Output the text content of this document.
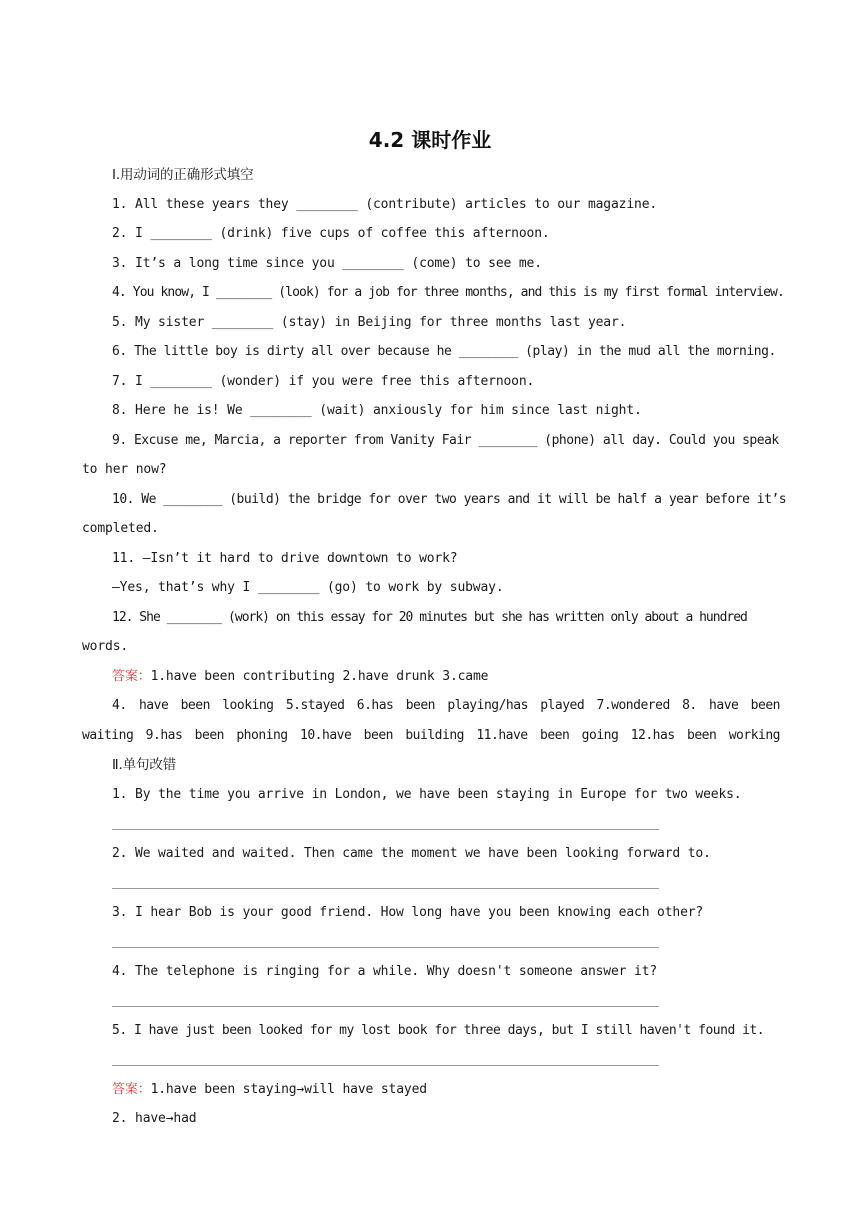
4.2 课时作业
Ⅰ.用动词的正确形式填空
1. All these years they ________ (contribute) articles to our magazine.
2. I ________ (drink) five cups of coffee this afternoon.
3. It’s a long time since you ________ (come) to see me.
4. You know, I ________ (look) for a job for three months, and this is my first formal interview.
5. My sister ________ (stay) in Beijing for three months last year.
6. The little boy is dirty all over because he ________ (play) in the mud all the morning.
7. I ________ (wonder) if you were free this afternoon.
8. Here he is! We ________ (wait) anxiously for him since last night.
9. Excuse me, Marcia, a reporter from Vanity Fair ________ (phone) all day. Could you speak
to her now?
10. We ________ (build) the bridge for over two years and it will be half a year before it’s
completed.
11. —Isn’t it hard to drive downtown to work?
—Yes, that’s why I ________ (go) to work by subway.
12. She ________ (work) on this essay for 20 minutes but she has written only about a hundred
words.
答案：1.have been contributing 2.have drunk 3.came
4. have been looking 5.stayed 6.has been playing/has played 7.wondered 8. have been
waiting 9.has been phoning 10.have been building 11.have been going 12.has been working
Ⅱ.单句改错
1. By the time you arrive in London, we have been staying in Europe for two weeks.
2. We waited and waited. Then came the moment we have been looking forward to.
3. I hear Bob is your good friend. How long have you been knowing each other?
4. The telephone is ringing for a while. Why doesn't someone answer it?
5. I have just been looked for my lost book for three days, but I still haven't found it.
答案：1.have been staying→will have stayed
2. have→had
